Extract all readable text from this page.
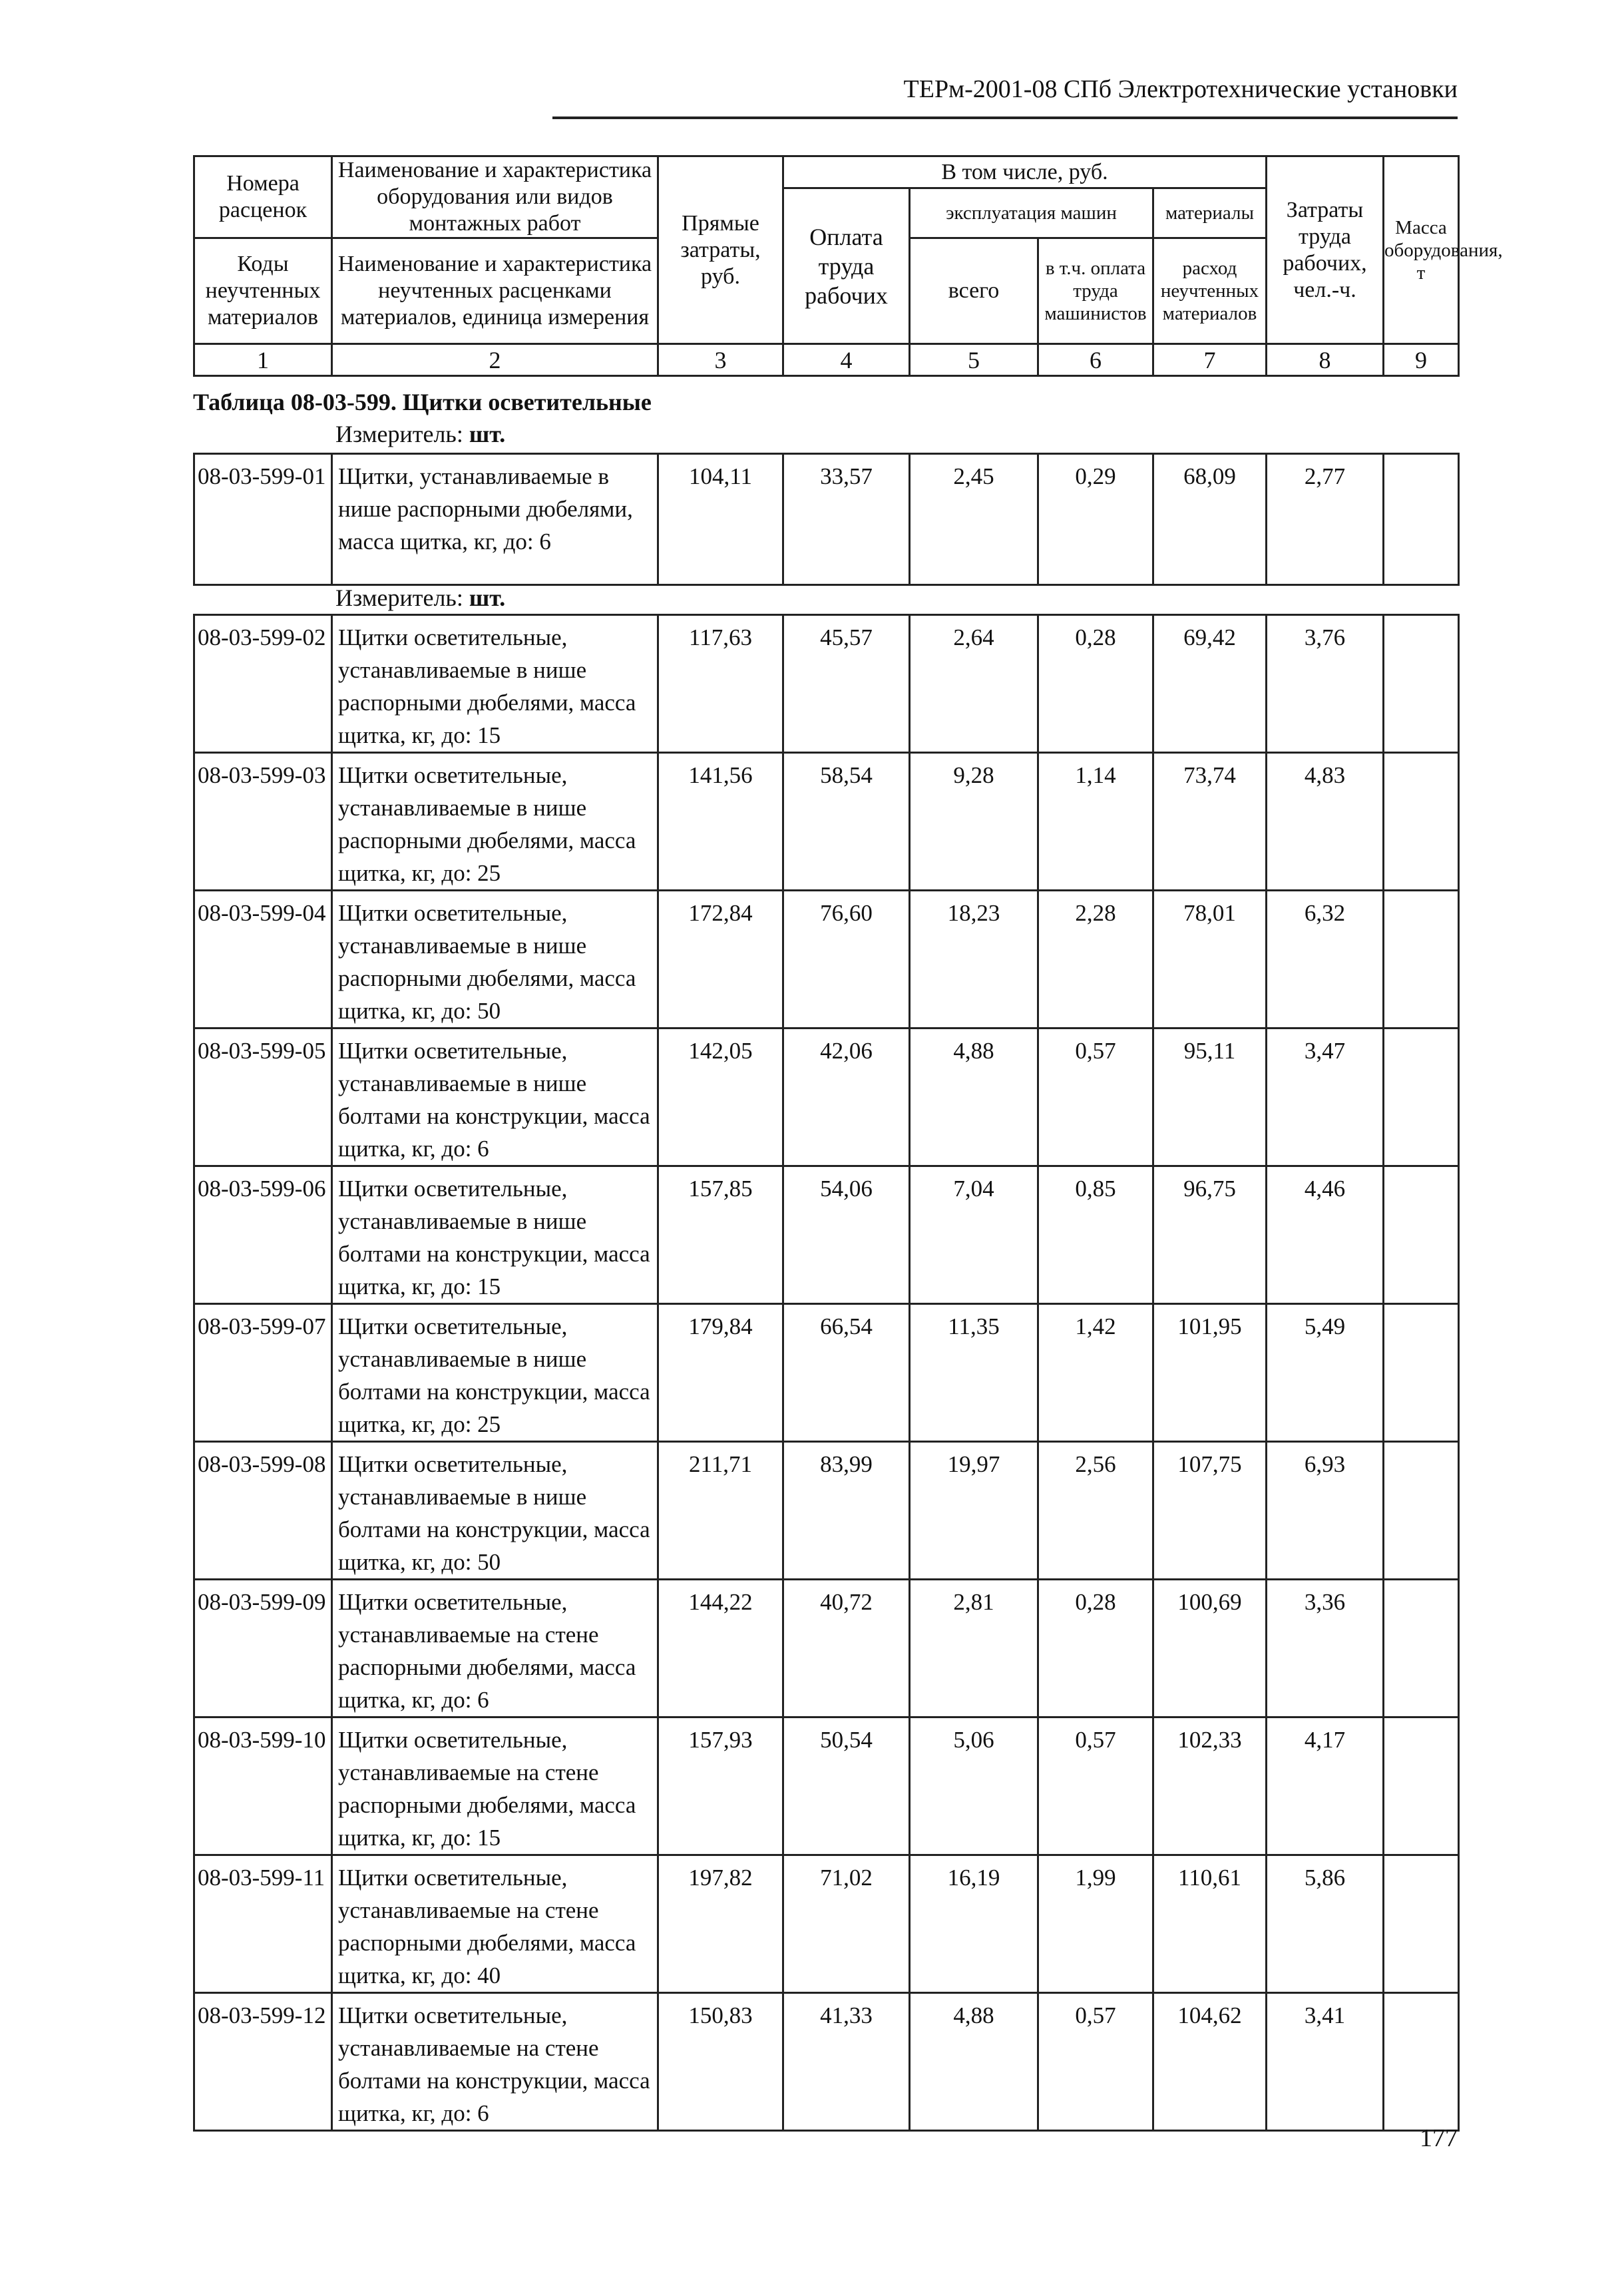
ТЕРм-2001-08 СПб Электротехнические установки
Номера расценок	Наименование и характеристика оборудования или видов монтажных работ	Прямые затраты, руб.	В том числе, руб.				Затраты труда рабочих, чел.-ч.	Масса оборудования, т
			Оплата труда рабочих	эксплуатация машин		материалы		
Коды неучтенных материалов	Наименование и характеристика неучтенных расценками материалов, единица измерения			всего	в т.ч. оплата труда машинистов	расход неучтенных материалов		

1	2	3	4	5	6	7	8	9
Таблица 08-03-599. Щитки осветительные
Измеритель: шт.
08-03-599-01	Щитки, устанавливаемые в
нише распорными дюбелями,
масса щитка, кг, до: 6
	104,11	33,57	2,45	0,29	68,09	2,77	
Измеритель: шт.
08-03-599-02	Щитки осветительные,
устанавливаемые в нише
распорными дюбелями, масса
щитка, кг, до: 15	117,63	45,57	2,64	0,28	69,42	3,76	
08-03-599-03	Щитки осветительные,
устанавливаемые в нише
распорными дюбелями, масса
щитка, кг, до: 25	141,56	58,54	9,28	1,14	73,74	4,83	
08-03-599-04	Щитки осветительные,
устанавливаемые в нише
распорными дюбелями, масса
щитка, кг, до: 50	172,84	76,60	18,23	2,28	78,01	6,32	
08-03-599-05	Щитки осветительные,
устанавливаемые в нише
болтами на конструкции, масса
щитка, кг, до: 6	142,05	42,06	4,88	0,57	95,11	3,47	
08-03-599-06	Щитки осветительные,
устанавливаемые в нише
болтами на конструкции, масса
щитка, кг, до: 15	157,85	54,06	7,04	0,85	96,75	4,46	
08-03-599-07	Щитки осветительные,
устанавливаемые в нише
болтами на конструкции, масса
щитка, кг, до: 25	179,84	66,54	11,35	1,42	101,95	5,49	
08-03-599-08	Щитки осветительные,
устанавливаемые в нише
болтами на конструкции, масса
щитка, кг, до: 50	211,71	83,99	19,97	2,56	107,75	6,93	
08-03-599-09	Щитки осветительные,
устанавливаемые на стене
распорными дюбелями, масса
щитка, кг, до: 6	144,22	40,72	2,81	0,28	100,69	3,36	
08-03-599-10	Щитки осветительные,
устанавливаемые на стене
распорными дюбелями, масса
щитка, кг, до: 15	157,93	50,54	5,06	0,57	102,33	4,17	
08-03-599-11	Щитки осветительные,
устанавливаемые на стене
распорными дюбелями, масса
щитка, кг, до: 40	197,82	71,02	16,19	1,99	110,61	5,86	
08-03-599-12	Щитки осветительные,
устанавливаемые на стене
болтами на конструкции, масса
щитка, кг, до: 6	150,83	41,33	4,88	0,57	104,62	3,41	
177
